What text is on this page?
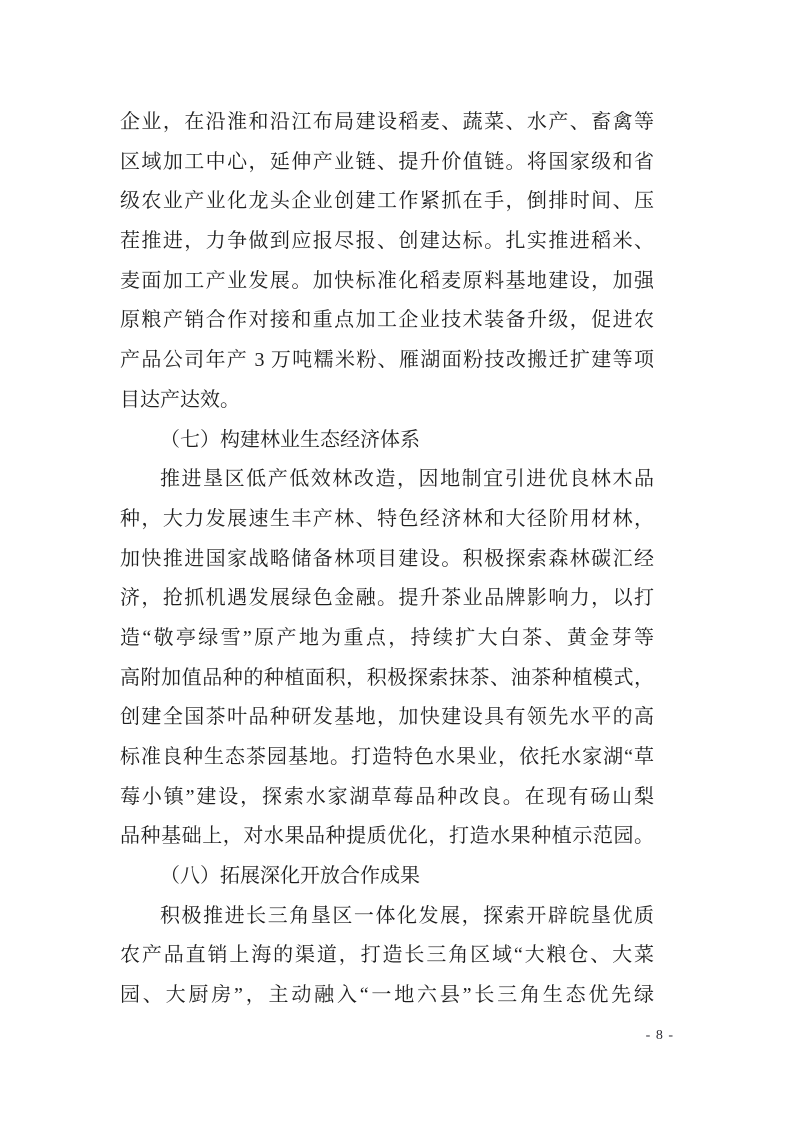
企业，在沿淮和沿江布局建设稻麦、蔬菜、水产、畜禽等
区域加工中心，延伸产业链、提升价值链。将国家级和省
级农业产业化龙头企业创建工作紧抓在手，倒排时间、压
茬推进，力争做到应报尽报、创建达标。扎实推进稻米、
麦面加工产业发展。加快标准化稻麦原料基地建设，加强
原粮产销合作对接和重点加工企业技术装备升级，促进农
产品公司年产 3 万吨糯米粉、雁湖面粉技改搬迁扩建等项
目达产达效。
（七）构建林业生态经济体系
推进垦区低产低效林改造，因地制宜引进优良林木品
种，大力发展速生丰产林、特色经济林和大径阶用材林，
加快推进国家战略储备林项目建设。积极探索森林碳汇经
济，抢抓机遇发展绿色金融。提升茶业品牌影响力，以打
造“敬亭绿雪”原产地为重点，持续扩大白茶、黄金芽等
高附加值品种的种植面积，积极探索抹茶、油茶种植模式，
创建全国茶叶品种研发基地，加快建设具有领先水平的高
标准良种生态茶园基地。打造特色水果业，依托水家湖“草
莓小镇”建设，探索水家湖草莓品种改良。在现有砀山梨
品种基础上，对水果品种提质优化，打造水果种植示范园。
（八）拓展深化开放合作成果
积极推进长三角垦区一体化发展，探索开辟皖垦优质
农产品直销上海的渠道，打造长三角区域“大粮仓、大菜
园、大厨房”，主动融入“一地六县”长三角生态优先绿
- 8 -
